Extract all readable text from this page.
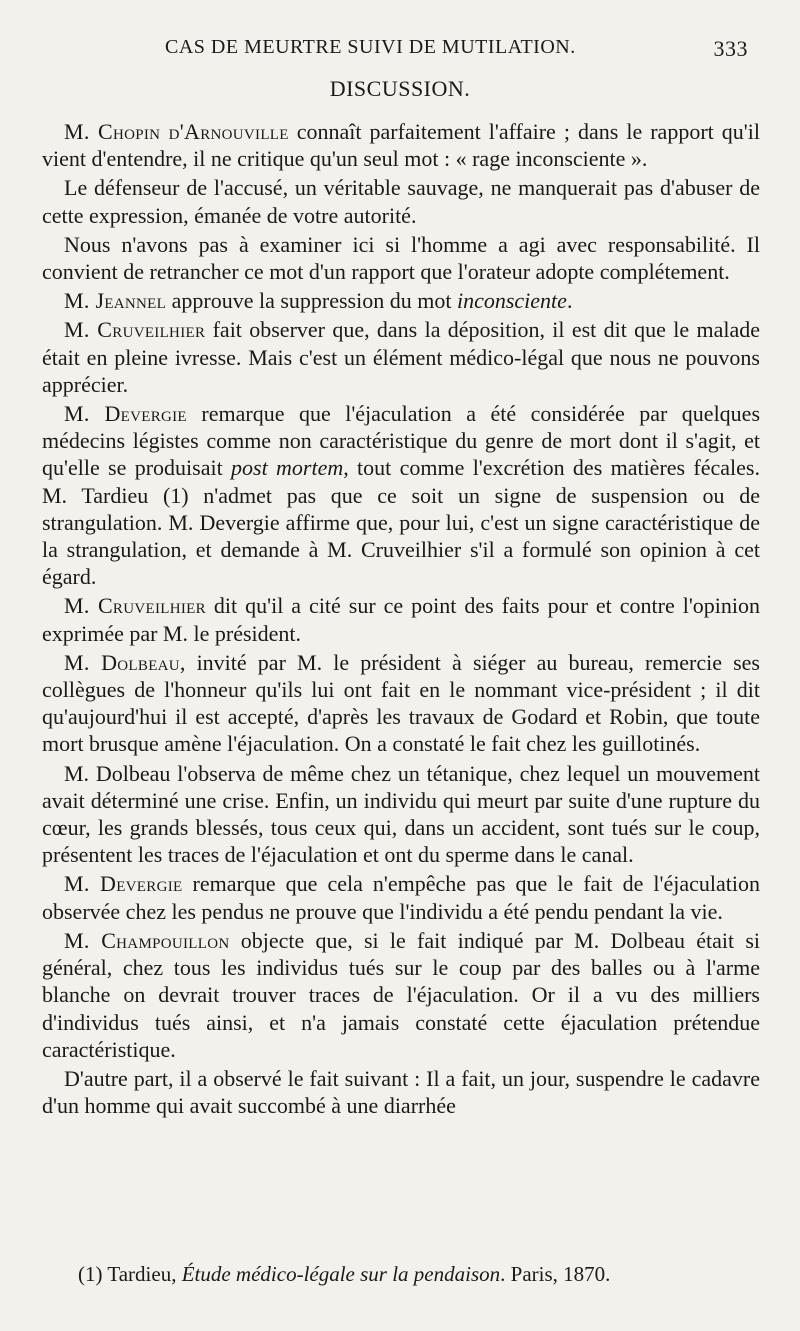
CAS DE MEURTRE SUIVI DE MUTILATION.	333
DISCUSSION.

M. Chopin d'Arnouville connaît parfaitement l'affaire ; dans le rapport qu'il vient d'entendre, il ne critique qu'un seul mot : « rage inconsciente ».

Le défenseur de l'accusé, un véritable sauvage, ne manquerait pas d'abuser de cette expression, émanée de votre autorité.

Nous n'avons pas à examiner ici si l'homme a agi avec responsabilité. Il convient de retrancher ce mot d'un rapport que l'orateur adopte complétement.

M. Jeannel approuve la suppression du mot inconsciente.

M. Cruveilhier fait observer que, dans la déposition, il est dit que le malade était en pleine ivresse. Mais c'est un élément médico-légal que nous ne pouvons apprécier.

M. Devergie remarque que l'éjaculation a été considérée par quelques médecins légistes comme non caractéristique du genre de mort dont il s'agit, et qu'elle se produisait post mortem, tout comme l'excrétion des matières fécales. M. Tardieu (1) n'admet pas que ce soit un signe de suspension ou de strangulation. M. Devergie affirme que, pour lui, c'est un signe caractéristique de la strangulation, et demande à M. Cruveilhier s'il a formulé son opinion à cet égard.

M. Cruveilhier dit qu'il a cité sur ce point des faits pour et contre l'opinion exprimée par M. le président.

M. Dolbeau, invité par M. le président à siéger au bureau, remercie ses collègues de l'honneur qu'ils lui ont fait en le nommant vice-président ; il dit qu'aujourd'hui il est accepté, d'après les travaux de Godard et Robin, que toute mort brusque amène l'éjaculation. On a constaté le fait chez les guillotinés.

M. Dolbeau l'observa de même chez un tétanique, chez lequel un mouvement avait déterminé une crise. Enfin, un individu qui meurt par suite d'une rupture du cœur, les grands blessés, tous ceux qui, dans un accident, sont tués sur le coup, présentent les traces de l'éjaculation et ont du sperme dans le canal.

M. Devergie remarque que cela n'empêche pas que le fait de l'éjaculation observée chez les pendus ne prouve que l'individu a été pendu pendant la vie.

M. Champouillon objecte que, si le fait indiqué par M. Dolbeau était si général, chez tous les individus tués sur le coup par des balles ou à l'arme blanche on devrait trouver traces de l'éjaculation. Or il a vu des milliers d'individus tués ainsi, et n'a jamais constaté cette éjaculation prétendue caractéristique.

D'autre part, il a observé le fait suivant : Il a fait, un jour, suspendre le cadavre d'un homme qui avait succombé à une diarrhée

(1) Tardieu, Étude médico-légale sur la pendaison. Paris, 1870.
